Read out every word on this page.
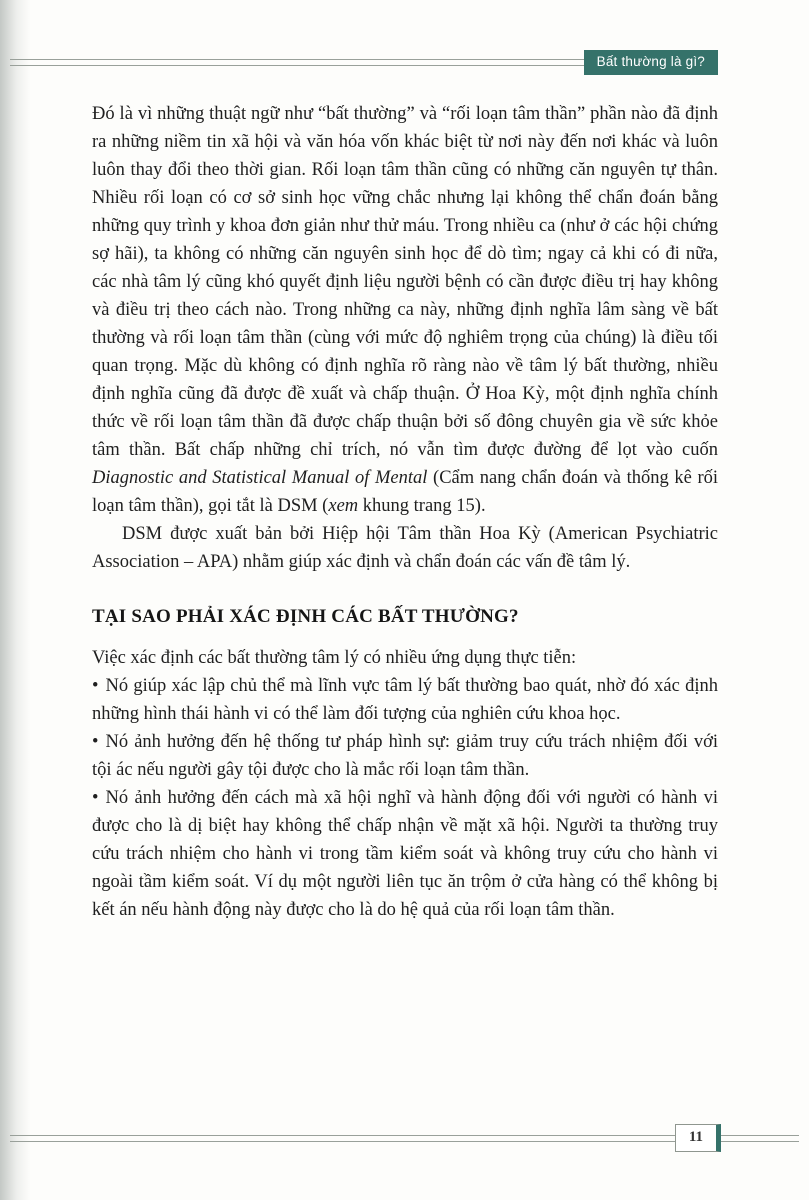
Bất thường là gì?

Đó là vì những thuật ngữ như “bất thường” và “rối loạn tâm thần” phần nào đã định ra những niềm tin xã hội và văn hóa vốn khác biệt từ nơi này đến nơi khác và luôn luôn thay đổi theo thời gian. Rối loạn tâm thần cũng có những căn nguyên tự thân. Nhiều rối loạn có cơ sở sinh học vững chắc nhưng lại không thể chẩn đoán bằng những quy trình y khoa đơn giản như thử máu. Trong nhiều ca (như ở các hội chứng sợ hãi), ta không có những căn nguyên sinh học để dò tìm; ngay cả khi có đi nữa, các nhà tâm lý cũng khó quyết định liệu người bệnh có cần được điều trị hay không và điều trị theo cách nào. Trong những ca này, những định nghĩa lâm sàng về bất thường và rối loạn tâm thần (cùng với mức độ nghiêm trọng của chúng) là điều tối quan trọng. Mặc dù không có định nghĩa rõ ràng nào về tâm lý bất thường, nhiều định nghĩa cũng đã được đề xuất và chấp thuận. Ở Hoa Kỳ, một định nghĩa chính thức về rối loạn tâm thần đã được chấp thuận bởi số đông chuyên gia về sức khỏe tâm thần. Bất chấp những chỉ trích, nó vẫn tìm được đường để lọt vào cuốn Diagnostic and Statistical Manual of Mental (Cẩm nang chẩn đoán và thống kê rối loạn tâm thần), gọi tắt là DSM (xem khung trang 15).

DSM được xuất bản bởi Hiệp hội Tâm thần Hoa Kỳ (American Psychiatric Association – APA) nhằm giúp xác định và chẩn đoán các vấn đề tâm lý.

TẠI SAO PHẢI XÁC ĐỊNH CÁC BẤT THƯỜNG?

Việc xác định các bất thường tâm lý có nhiều ứng dụng thực tiễn:

• Nó giúp xác lập chủ thể mà lĩnh vực tâm lý bất thường bao quát, nhờ đó xác định những hình thái hành vi có thể làm đối tượng của nghiên cứu khoa học.

• Nó ảnh hưởng đến hệ thống tư pháp hình sự: giảm truy cứu trách nhiệm đối với tội ác nếu người gây tội được cho là mắc rối loạn tâm thần.

• Nó ảnh hưởng đến cách mà xã hội nghĩ và hành động đối với người có hành vi được cho là dị biệt hay không thể chấp nhận về mặt xã hội. Người ta thường truy cứu trách nhiệm cho hành vi trong tầm kiểm soát và không truy cứu cho hành vi ngoài tầm kiểm soát. Ví dụ một người liên tục ăn trộm ở cửa hàng có thể không bị kết án nếu hành động này được cho là do hệ quả của rối loạn tâm thần.

11
